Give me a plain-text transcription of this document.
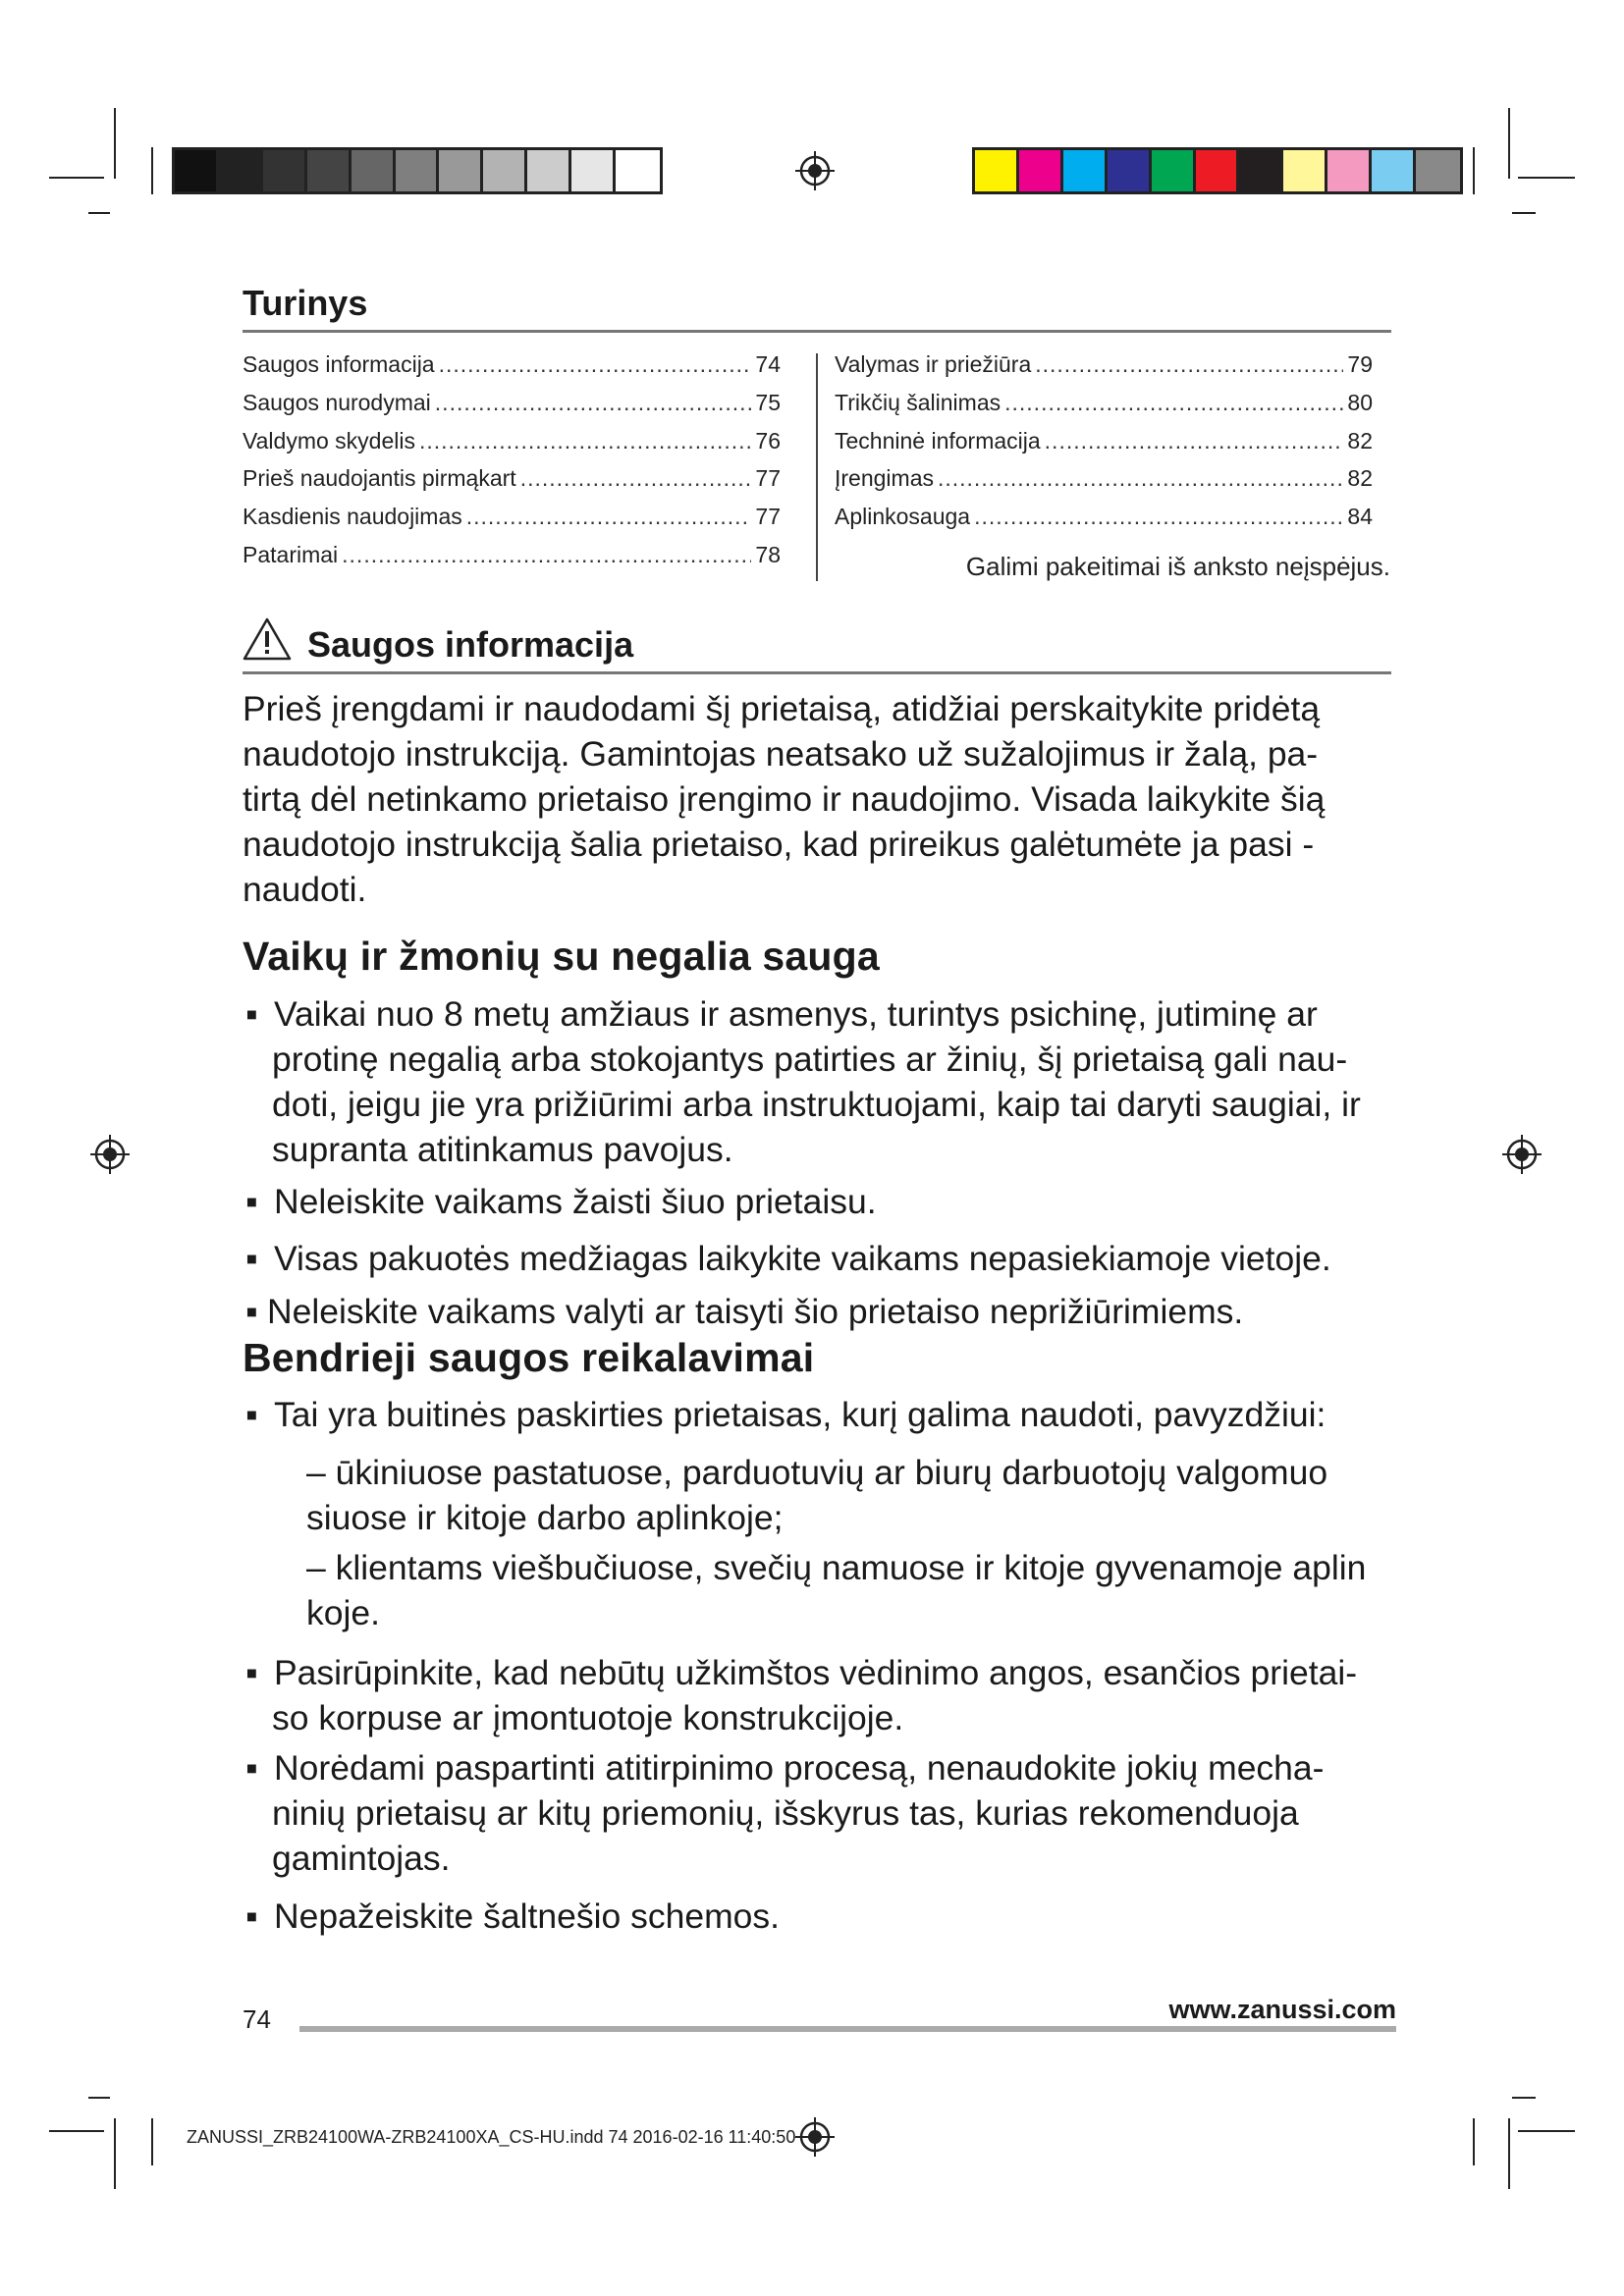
Turinys
Saugos informacija .....	74
Saugos nurodymai .....	75
Valdymo skydelis .....	76
Prieš naudojantis pirmąkart .....	77
Kasdienis naudojimas .....	77
Patarimai .....	78
Valymas ir priežiūra .....	79
Trikčių šalinimas .....	80
Techninė informacija .....	82
Įrengimas .....	82
Aplinkosauga .....	84
Galimi pakeitimai iš anksto neįspėjus.
Saugos informacija
Prieš įrengdami ir naudodami šį prietaisą, atidžiai perskaitykite pridėtą
naudotojo instrukciją. Gamintojas neatsako už sužalojimus ir žalą, pa-
tirtą dėl netinkamo prietaiso įrengimo ir naudojimo. Visada laikykite šią
naudotojo instrukciją šalia prietaiso, kad prireikus galėtumėte ja pasi -
naudoti.
Vaikų ir žmonių su negalia sauga
▪ Vaikai nuo 8 metų amžiaus ir asmenys, turintys psichinę, jutiminę ar
protinę negalią arba stokojantys patirties ar žinių, šį prietaisą gali nau-
doti, jeigu jie yra prižiūrimi arba instruktuojami, kaip tai daryti saugiai, ir
supranta atitinkamus pavojus.
▪ Neleiskite vaikams žaisti šiuo prietaisu.
▪ Visas pakuotės medžiagas laikykite vaikams nepasiekiamoje vietoje.
▪ Neleiskite vaikams valyti ar taisyti šio prietaiso neprižiūrimiems.
Bendrieji saugos reikalavimai
▪ Tai yra buitinės paskirties prietaisas, kurį galima naudoti, pavyzdžiui:
– ūkiniuose pastatuose, parduotuvių ar biurų darbuotojų valgomuo
siuose ir kitoje darbo aplinkoje;
– klientams viešbučiuose, svečių namuose ir kitoje gyvenamoje aplin
koje.
▪ Pasirūpinkite, kad nebūtų užkimštos vėdinimo angos, esančios prietai-
so korpuse ar įmontuotoje konstrukcijoje.
▪ Norėdami paspartinti atitirpinimo procesą, nenaudokite jokių mecha-
ninių prietaisų ar kitų priemonių, išskyrus tas, kurias rekomenduoja
gamintojas.
▪ Nepažeiskite šaltnešio schemos.
74	www.zanussi.com
ZANUSSI_ZRB24100WA-ZRB24100XA_CS-HU.indd 74 2016-02-16 11:40:50
